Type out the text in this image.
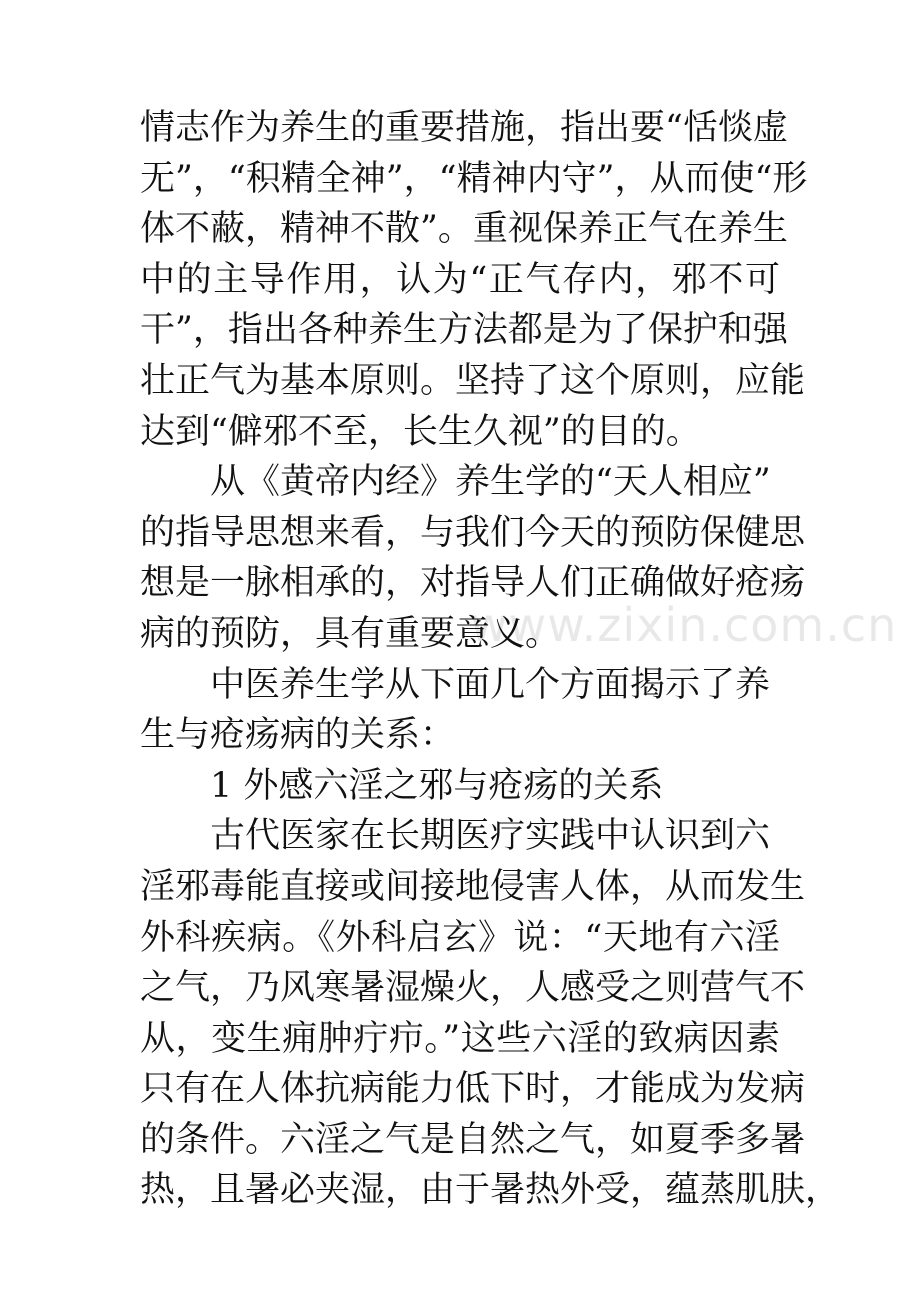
情志作为养生的重要措施，指出要“恬惔虚
无”，“积精全神”，“精神内守”，从而使“形
体不蔽，精神不散”。重视保养正气在养生
中的主导作用，认为“正气存内，邪不可
干”，指出各种养生方法都是为了保护和强
壮正气为基本原则。坚持了这个原则，应能
达到“僻邪不至，长生久视”的目的。
从《黄帝内经》养生学的“天人相应”
的指导思想来看，与我们今天的预防保健思
想是一脉相承的，对指导人们正确做好疮疡
病的预防，具有重要意义。
中医养生学从下面几个方面揭示了养
生与疮疡病的关系：
1 外感六淫之邪与疮疡的关系
古代医家在长期医疗实践中认识到六
淫邪毒能直接或间接地侵害人体，从而发生
外科疾病。《外科启玄》说：“天地有六淫
之气，乃风寒暑湿燥火，人感受之则营气不
从，变生痈肿疔疖。”这些六淫的致病因素
只有在人体抗病能力低下时，才能成为发病
的条件。六淫之气是自然之气，如夏季多暑
热，且暑必夹湿，由于暑热外受，蕴蒸肌肤，
www.zixin.com.cn
